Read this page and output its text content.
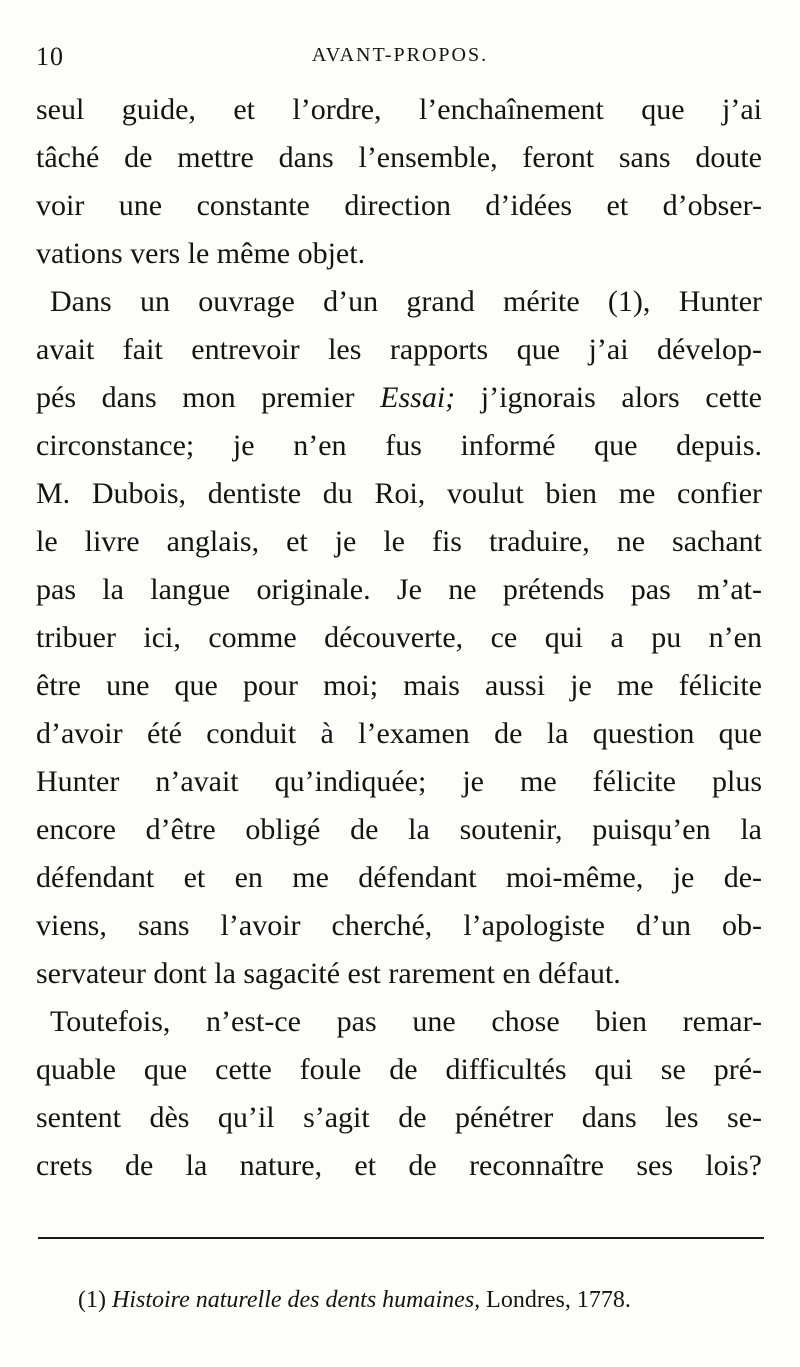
10	AVANT-PROPOS.
seul guide, et l’ordre, l’enchaînement que j’ai
tâché de mettre dans l’ensemble, feront sans doute
voir une constante direction d’idées et d’obser-
vations vers le même objet.
Dans un ouvrage d’un grand mérite (1), Hunter
avait fait entrevoir les rapports que j’ai dévelop-
pés dans mon premier Essai; j’ignorais alors cette
circonstance; je n’en fus informé que depuis.
M. Dubois, dentiste du Roi, voulut bien me confier
le livre anglais, et je le fis traduire, ne sachant
pas la langue originale. Je ne prétends pas m’at-
tribuer ici, comme découverte, ce qui a pu n’en
être une que pour moi; mais aussi je me félicite
d’avoir été conduit à l’examen de la question que
Hunter n’avait qu’indiquée; je me félicite plus
encore d’être obligé de la soutenir, puisqu’en la
défendant et en me défendant moi-même, je de-
viens, sans l’avoir cherché, l’apologiste d’un ob-
servateur dont la sagacité est rarement en défaut.
Toutefois, n’est-ce pas une chose bien remar-
quable que cette foule de difficultés qui se pré-
sentent dès qu’il s’agit de pénétrer dans les se-
crets de la nature, et de reconnaître ses lois?
(1) Histoire naturelle des dents humaines, Londres, 1778.
